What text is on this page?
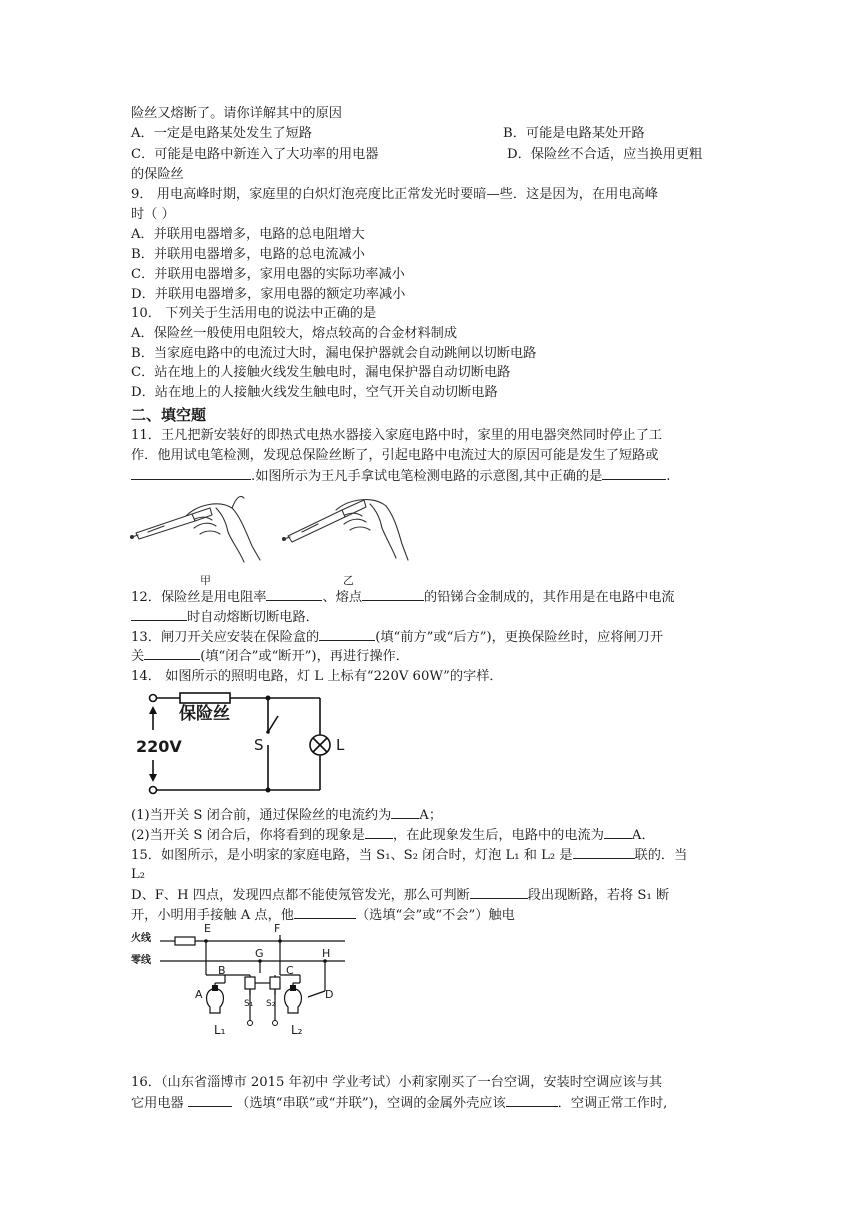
险丝又熔断了。请你详解其中的原因
A．一定是电路某处发生了短路	B．可能是电路某处开路
C．可能是电路中新连入了大功率的用电器	D．保险丝不合适，应当换用更粗
的保险丝
9． 用电高峰时期，家庭里的白炽灯泡亮度比正常发光时要暗—些．这是因为，在用电高峰
时（ ）
A．并联用电器增多，电路的总电阻增大
B．并联用电器增多，电路的总电流减小
C．并联用电器增多，家用电器的实际功率减小
D．并联用电器增多，家用电器的额定功率减小
10． 下列关于生活用电的说法中正确的是
A．保险丝一般使用电阻较大，熔点较高的合金材料制成
B．当家庭电路中的电流过大时，漏电保护器就会自动跳闸以切断电路
C．站在地上的人接触火线发生触电时，漏电保护器自动切断电路
D．站在地上的人接触火线发生触电时，空气开关自动切断电路
二、填空题
11．王凡把新安装好的即热式电热水器接入家庭电路中时，家里的用电器突然同时停止了工
作．他用试电笔检测，发现总保险丝断了，引起电路中电流过大的原因可能是发生了短路或
.如图所示为王凡手拿试电笔检测电路的示意图,其中正确的是	.
甲	乙
12．保险丝是用电阻率	、熔点	的铅锑合金制成的，其作用是在电路中电流
时自动熔断切断电路．
13．闸刀开关应安装在保险盒的	(填“前方”或“后方”)，更换保险丝时，应将闸刀开
关	(填“闭合”或“断开”)，再进行操作．
14． 如图所示的照明电路，灯 L 上标有“220V 60W”的字样．
保险丝
220V	S	L
(1)当开关 S 闭合前，通过保险丝的电流约为 A；
(2)当开关 S 闭合后，你将看到的现象是 ，在此现象发生后，电路中的电流为 A．
15．如图所示，是小明家的家庭电路，当 S₁、S₂ 闭合时，灯泡 L₁ 和 L₂ 是	联的．当
L₂
D、F、H 四点，发现四点都不能使氖管发光，那么可判断	段出现断路，若将 S₁ 断
开，小明用手接触 A 点，他	（选填“会”或“不会”）触电
火线
零线
E	F
G	H
B	C
A	D
S₁ S₂
L₁	L₂
16．（山东省淄博市 2015 年初中 学业考试）小莉家刚买了一台空调，安装时空调应该与其
它用电器	（选填“串联”或“并联”)，空调的金属外壳应该	．空调正常工作时,
